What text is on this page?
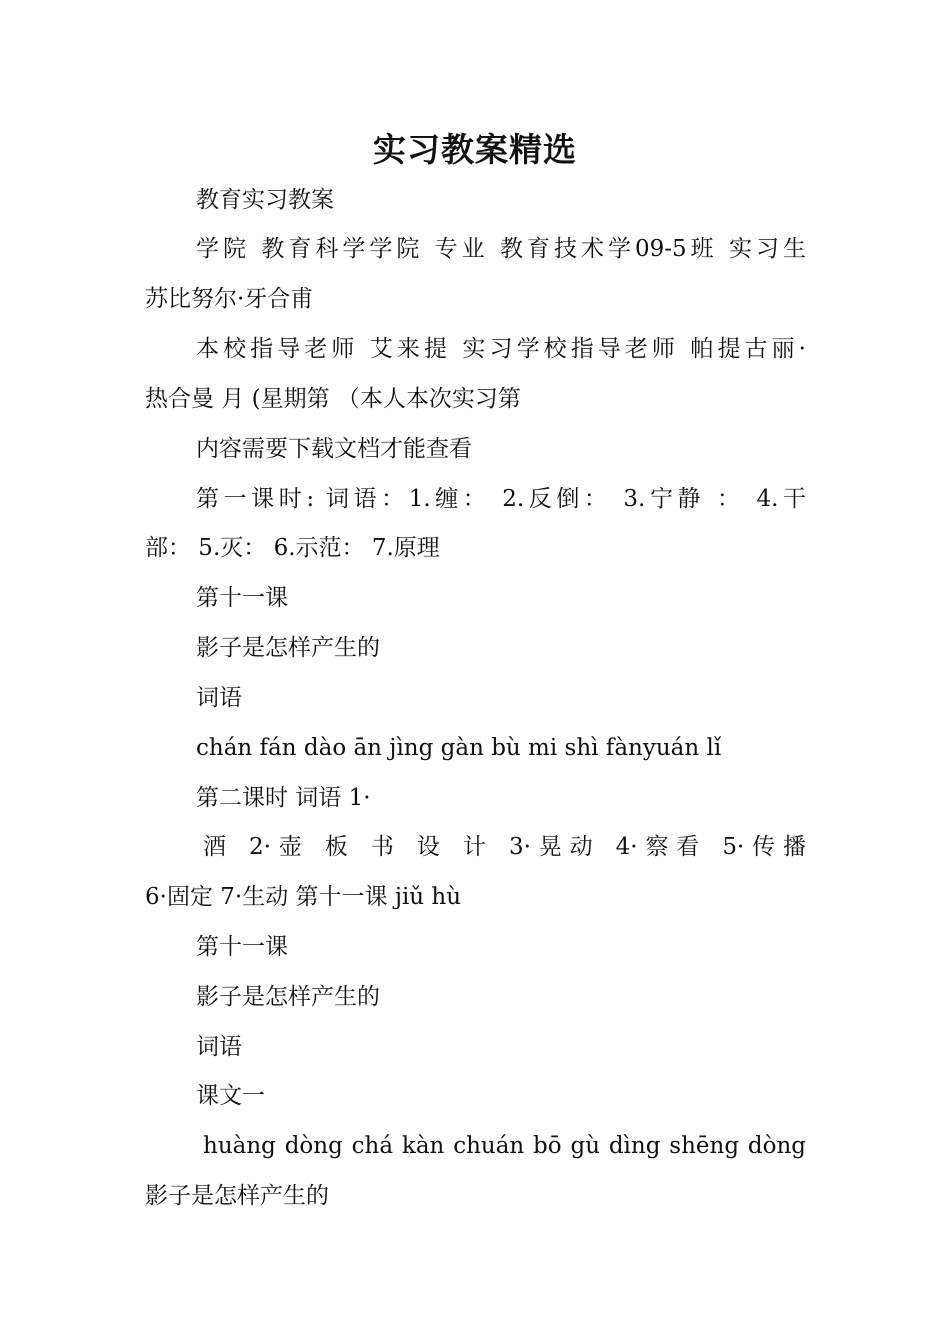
实习教案精选
教育实习教案
学院 教育科学学院 专业 教育技术学09-5班 实习生
苏比努尔·牙合甫
本校指导老师 艾来提 实习学校指导老师 帕提古丽·
热合曼 月 (星期第 （本人本次实习第
内容需要下载文档才能查看
第一课时: 词语：1.缠： 2.反倒： 3.宁静 ： 4.干
部： 5.灭： 6.示范： 7.原理
第十一课
影子是怎样产生的
词语
chán fán dào ān jìng gàn bù mi shì fànyuán lǐ
第二课时 词语 1·
酒 2·壶 板 书 设 计 3·晃动 4·察看 5·传播
6·固定 7·生动 第十一课 jiǔ hù
第十一课
影子是怎样产生的
词语
课文一
huàng dòng chá kàn chuán bō gù dìng shēng dòng
影子是怎样产生的
